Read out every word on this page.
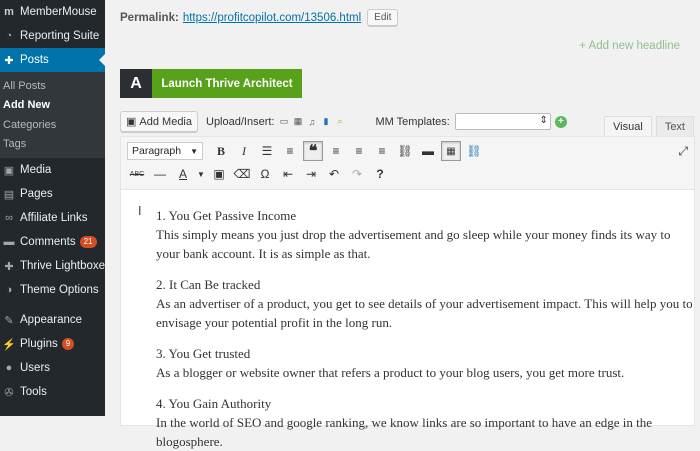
m MemberMouse
◔ Reporting Suite
✚ Posts
All Posts
Add New
Categories
Tags
▣ Media
▤ Pages
∞ Affiliate Links
▬ Comments	21
✚ Thrive Lightboxes
◑ Theme Options
✎ Appearance
⚡ Plugins	9
● Users
✇ Tools
Permalink: https://profitcopilot.com/13506.html	Edit
+ Add new headline
A	Launch Thrive Architect
▣ Add Media Upload/Insert: ▭ ▦ ♫ ▮	⌕	MM Templates:
⇕	+	Visual	Text
Paragraph ▼	B	I	☰	≡ ❝	≡	≡	≡ ⛓ ▬	▦ ⛓	⤢
ABC —	A	▼ ▣ ⌫ Ω	⇤	⇥	↶	↷	?
I 1. You Get Passive Income

This simply means you just drop the advertisement and go sleep while your money finds its way to your bank account. It is as simple as that.

2. It Can Be tracked

As an advertiser of a product, you get to see details of your advertisement impact. This will help you to envisage your potential profit in the long run.

3. You Get trusted

As a blogger or website owner that refers a product to your blog users, you get more trust.

4. You Gain Authority

In the world of SEO and google ranking, we know links are so important to have an edge in the blogosphere.
